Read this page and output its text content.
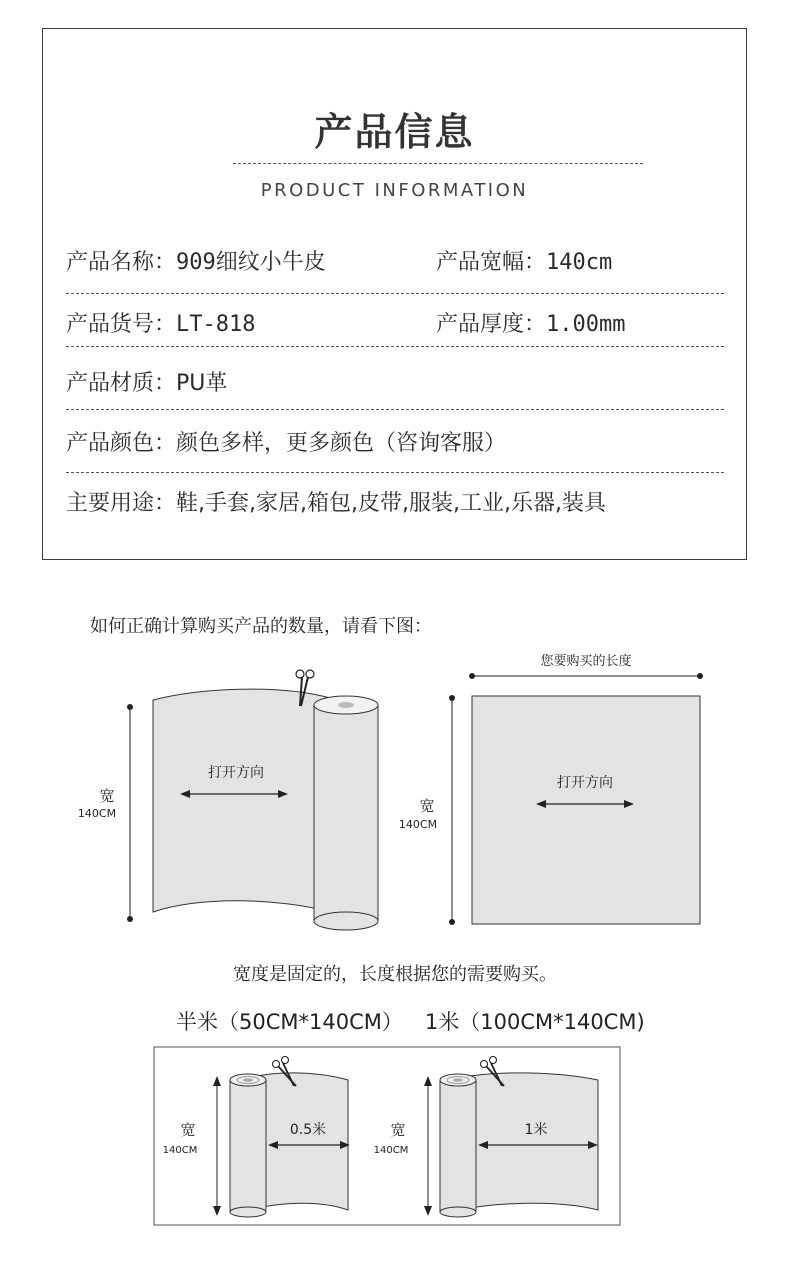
产品信息
PRODUCT INFORMATION
产品名称：909细纹小牛皮	产品宽幅：140cm
产品货号：LT-818	产品厚度：1.00mm
产品材质：PU革
产品颜色：颜色多样，更多颜色（咨询客服）
主要用途：鞋,手套,家居,箱包,皮带,服装,工业,乐器,装具
如何正确计算购买产品的数量，请看下图：
打开方向
宽
140CM
您要购买的长度
打开方向
宽
140CM
0.5米
宽
140CM
1米
宽
140CM
宽度是固定的，长度根据您的需要购买。
半米（50CM*140CM） 1米（100CM*140CM)
